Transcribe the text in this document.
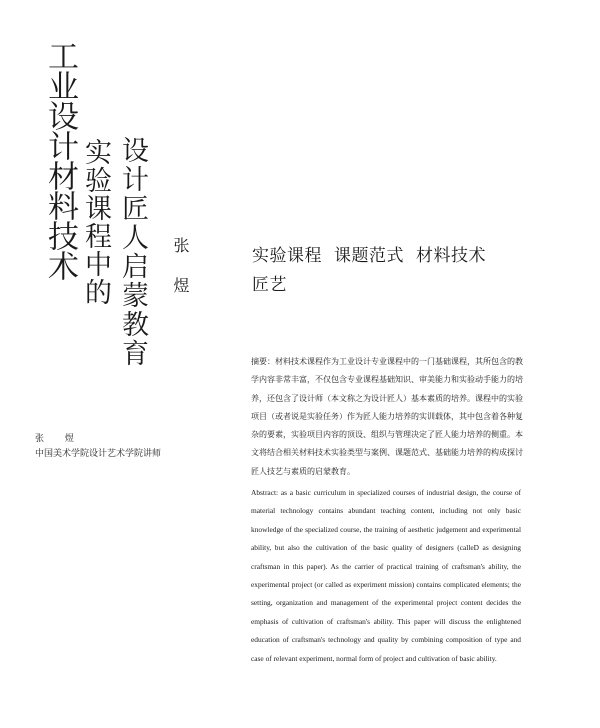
工业设计材料技术 实验课程中的 设计匠人启蒙教育 张煜
张 煜
中国美术学院设计艺术学院讲师
实验课程 课题范式 材料技术
匠艺
摘要：材料技术课程作为工业设计专业课程中的一门基础课程，其所包含的教学内容非常丰富，不仅包含专业课程基础知识、审美能力和实验动手能力的培养，还包含了设计师（本文称之为设计匠人）基本素质的培养。课程中的实验项目（或者说是实验任务）作为匠人能力培养的实训载体，其中包含着各种复杂的要素，实验项目内容的顶设、组织与管理决定了匠人能力培养的侧重。本文将结合相关材料技术实验类型与案例、课题范式、基础能力培养的构成探讨匠人技艺与素质的启蒙教育。
Abstract: as a basic curriculum in specialized courses of industrial design, the course of material technology contains abundant teaching content, including not only basic knowledge of the specialized course, the training of aesthetic judgement and experimental ability, but also the cultivation of the basic quality of designers (calleD as designing craftsman in this paper). As the carrier of practical training of craftsman's ability, the experimental project (or called as experiment mission) contains complicated elements; the setting, organization and management of the experimental project content decides the emphasis of cultivation of craftsman's ability. This paper will discuss the enlightened education of craftsman's technology and quality by combining composition of type and case of relevant experiment, normal form of project and cultivation of basic ability.
